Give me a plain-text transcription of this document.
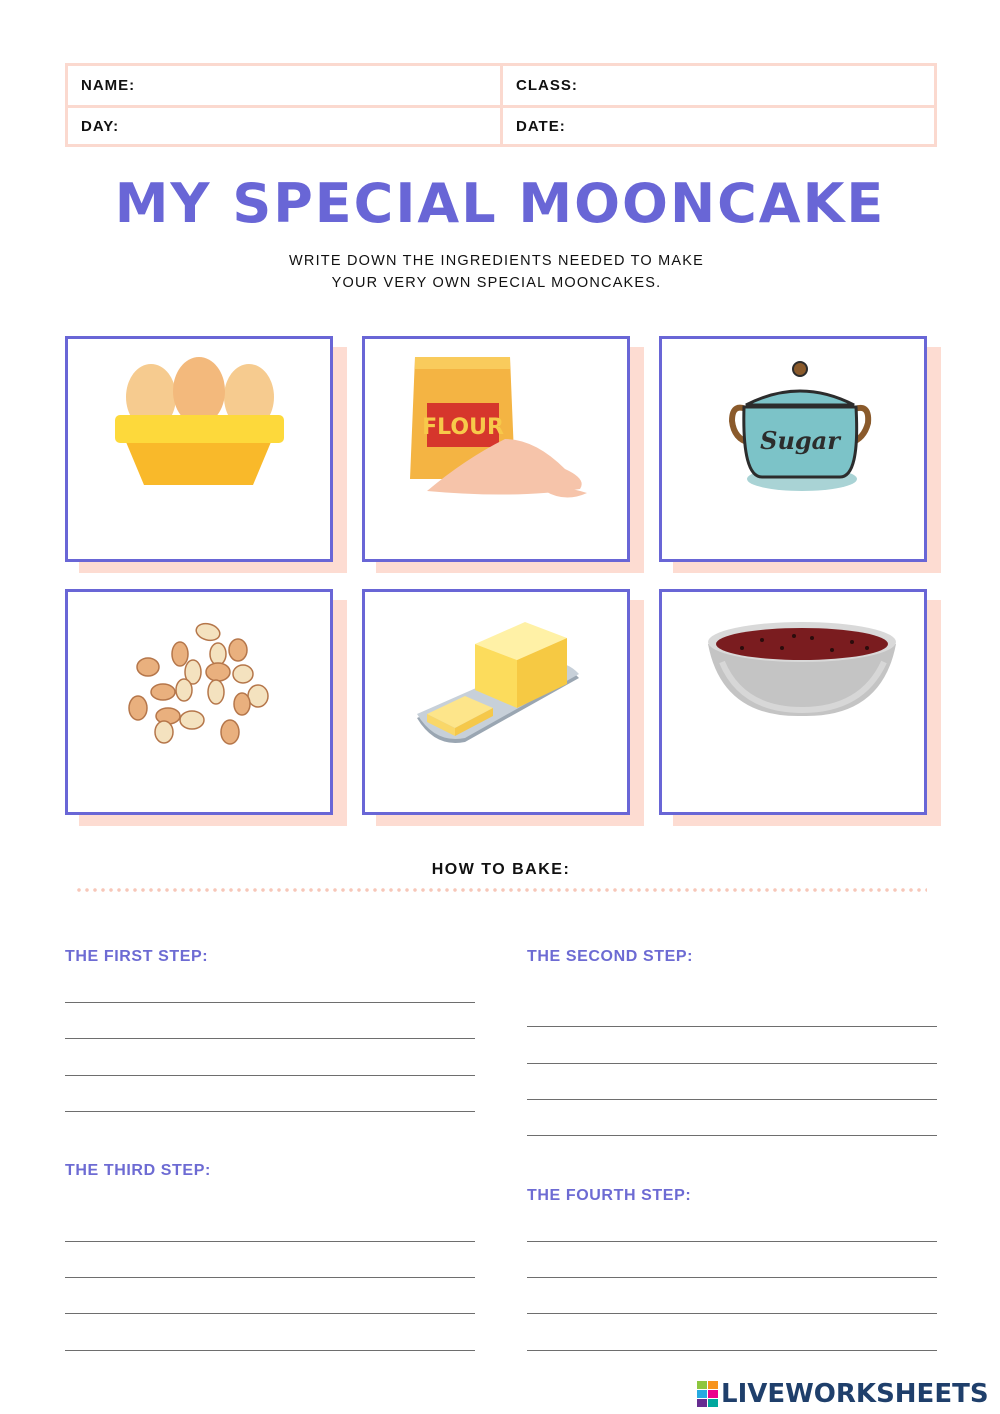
NAME:	CLASS:
DAY:	DATE:
MY SPECIAL MOONCAKE
WRITE DOWN THE INGREDIENTS NEEDED TO MAKE
YOUR VERY OWN SPECIAL MOONCAKES.
FLOUR	Sugar
HOW TO BAKE:
THE FIRST STEP:	THE SECOND STEP:
THE THIRD STEP:
THE FOURTH STEP:
LIVEWORKSHEETS
